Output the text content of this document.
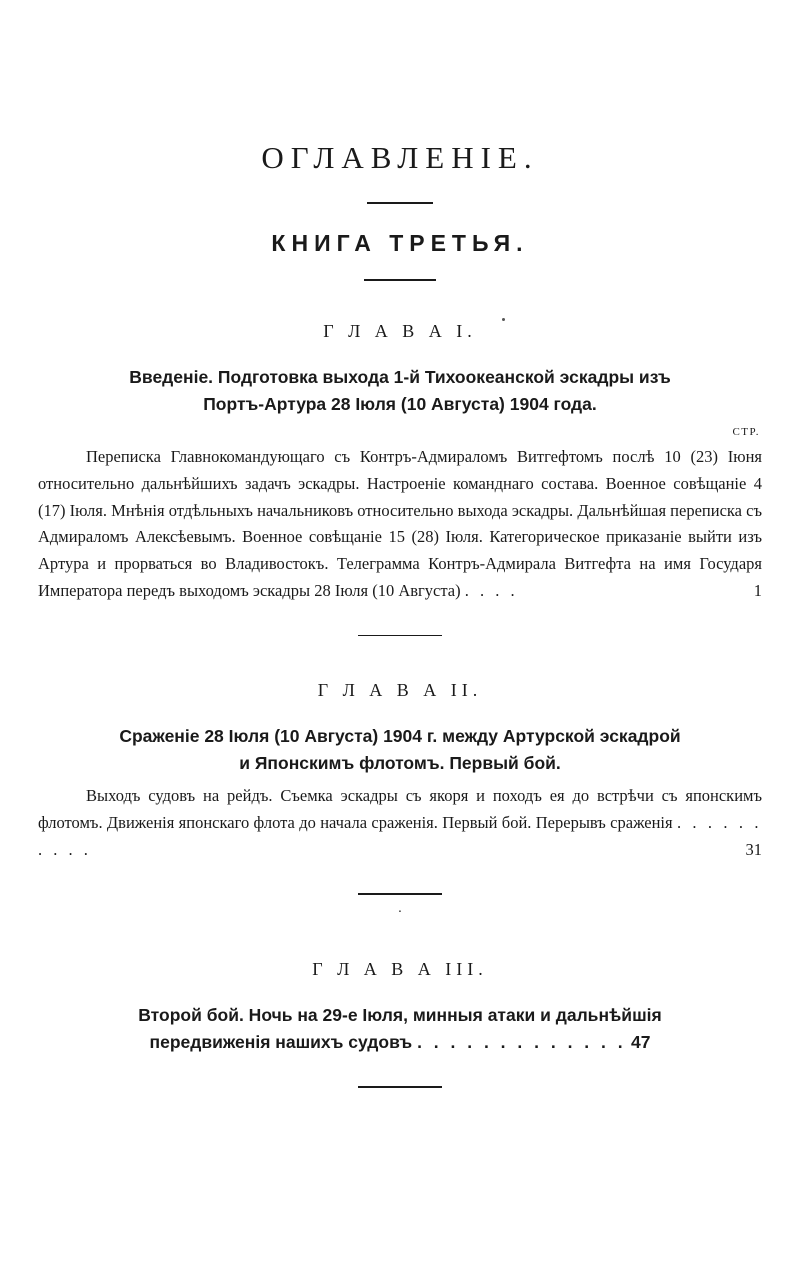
ОГЛАВЛЕНІЕ.
КНИГА ТРЕТЬЯ.
Г Л А В А I.
Введеніе. Подготовка выхода 1-й Тихоокеанской эскадры изъ
Портъ-Артура 28 Іюля (10 Августа) 1904 года.
СТР.
Переписка Главнокомандующаго съ Контръ-Адмираломъ Витгефтомъ послѣ 10 (23) Іюня относительно дальнѣйшихъ задачъ эскадры. Настроеніе команднаго состава. Военное совѣщаніе 4 (17) Іюля. Мнѣнія отдѣльныхъ начальниковъ относительно выхода эскадры. Дальнѣйшая переписка съ Адмираломъ Алексѣевымъ. Военное совѣщаніе 15 (28) Іюля. Категорическое приказаніе выйти изъ Артура и прорваться во Владивостокъ. Телеграмма Контръ-Адмирала Витгефта на имя Государя Императора передъ выходомъ эскадры 28 Іюля (10 Августа) . . . .	1
Г Л А В А II.
Сраженіе 28 Іюля (10 Августа) 1904 г. между Артурской эскадрой
и Японскимъ флотомъ. Первый бой.
Выходъ судовъ на рейдъ. Съемка эскадры съ якоря и походъ ея до встрѣчи съ японскимъ флотомъ. Движенія японскаго флота до начала сраженія. Первый бой. Перерывъ сраженія . . . . . . . . . .	31
·
Г Л А В А III.
Второй бой. Ночь на 29-е Іюля, минныя атаки и дальнѣйшія
передвиженія нашихъ судовъ . . . . . . . . . . . . . 47
